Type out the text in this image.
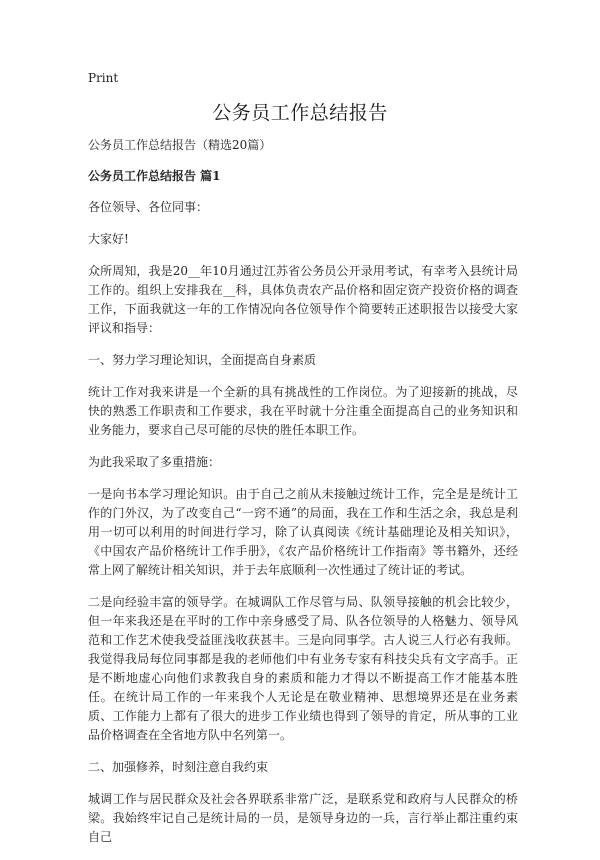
Print
公务员工作总结报告

公务员工作总结报告（精选20篇）

公务员工作总结报告 篇1

各位领导、各位同事：

大家好!

众所周知，我是20__年10月通过江苏省公务员公开录用考试，有幸考入县统计局工作的。组织上安排我在__科，具体负责农产品价格和固定资产投资价格的调查工作，下面我就这一年的工作情况向各位领导作个简要转正述职报告以接受大家评议和指导：

一、努力学习理论知识，全面提高自身素质

统计工作对我来讲是一个全新的具有挑战性的工作岗位。为了迎接新的挑战，尽快的熟悉工作职责和工作要求，我在平时就十分注重全面提高自己的业务知识和业务能力，要求自己尽可能的尽快的胜任本职工作。

为此我采取了多重措施：

一是向书本学习理论知识。由于自己之前从未接触过统计工作，完全是是统计工作的门外汉，为了改变自己“一窍不通”的局面，我在工作和生活之余，我总是利用一切可以利用的时间进行学习，除了认真阅读《统计基础理论及相关知识》，《中国农产品价格统计工作手册》，《农产品价格统计工作指南》等书籍外，还经常上网了解统计相关知识，并于去年底顺利一次性通过了统计证的考试。

二是向经验丰富的领导学。在城调队工作尽管与局、队领导接触的机会比较少，但一年来我还是在平时的工作中亲身感受了局、队各位领导的人格魅力、领导风范和工作艺术使我受益匪浅收获甚丰。三是向同事学。古人说三人行必有我师。我觉得我局每位同事都是我的老师他们中有业务专家有科技尖兵有文字高手。正是不断地虚心向他们求教我自身的素质和能力才得以不断提高工作才能基本胜任。在统计局工作的一年来我个人无论是在敬业精神、思想境界还是在业务素质、工作能力上都有了很大的进步工作业绩也得到了领导的肯定，所从事的工业品价格调查在全省地方队中名列第一。

二、加强修养，时刻注意自我约束

城调工作与居民群众及社会各界联系非常广泛，是联系党和政府与人民群众的桥梁。我始终牢记自己是统计局的一员，是领导身边的一兵，言行举止都注重约束自己
